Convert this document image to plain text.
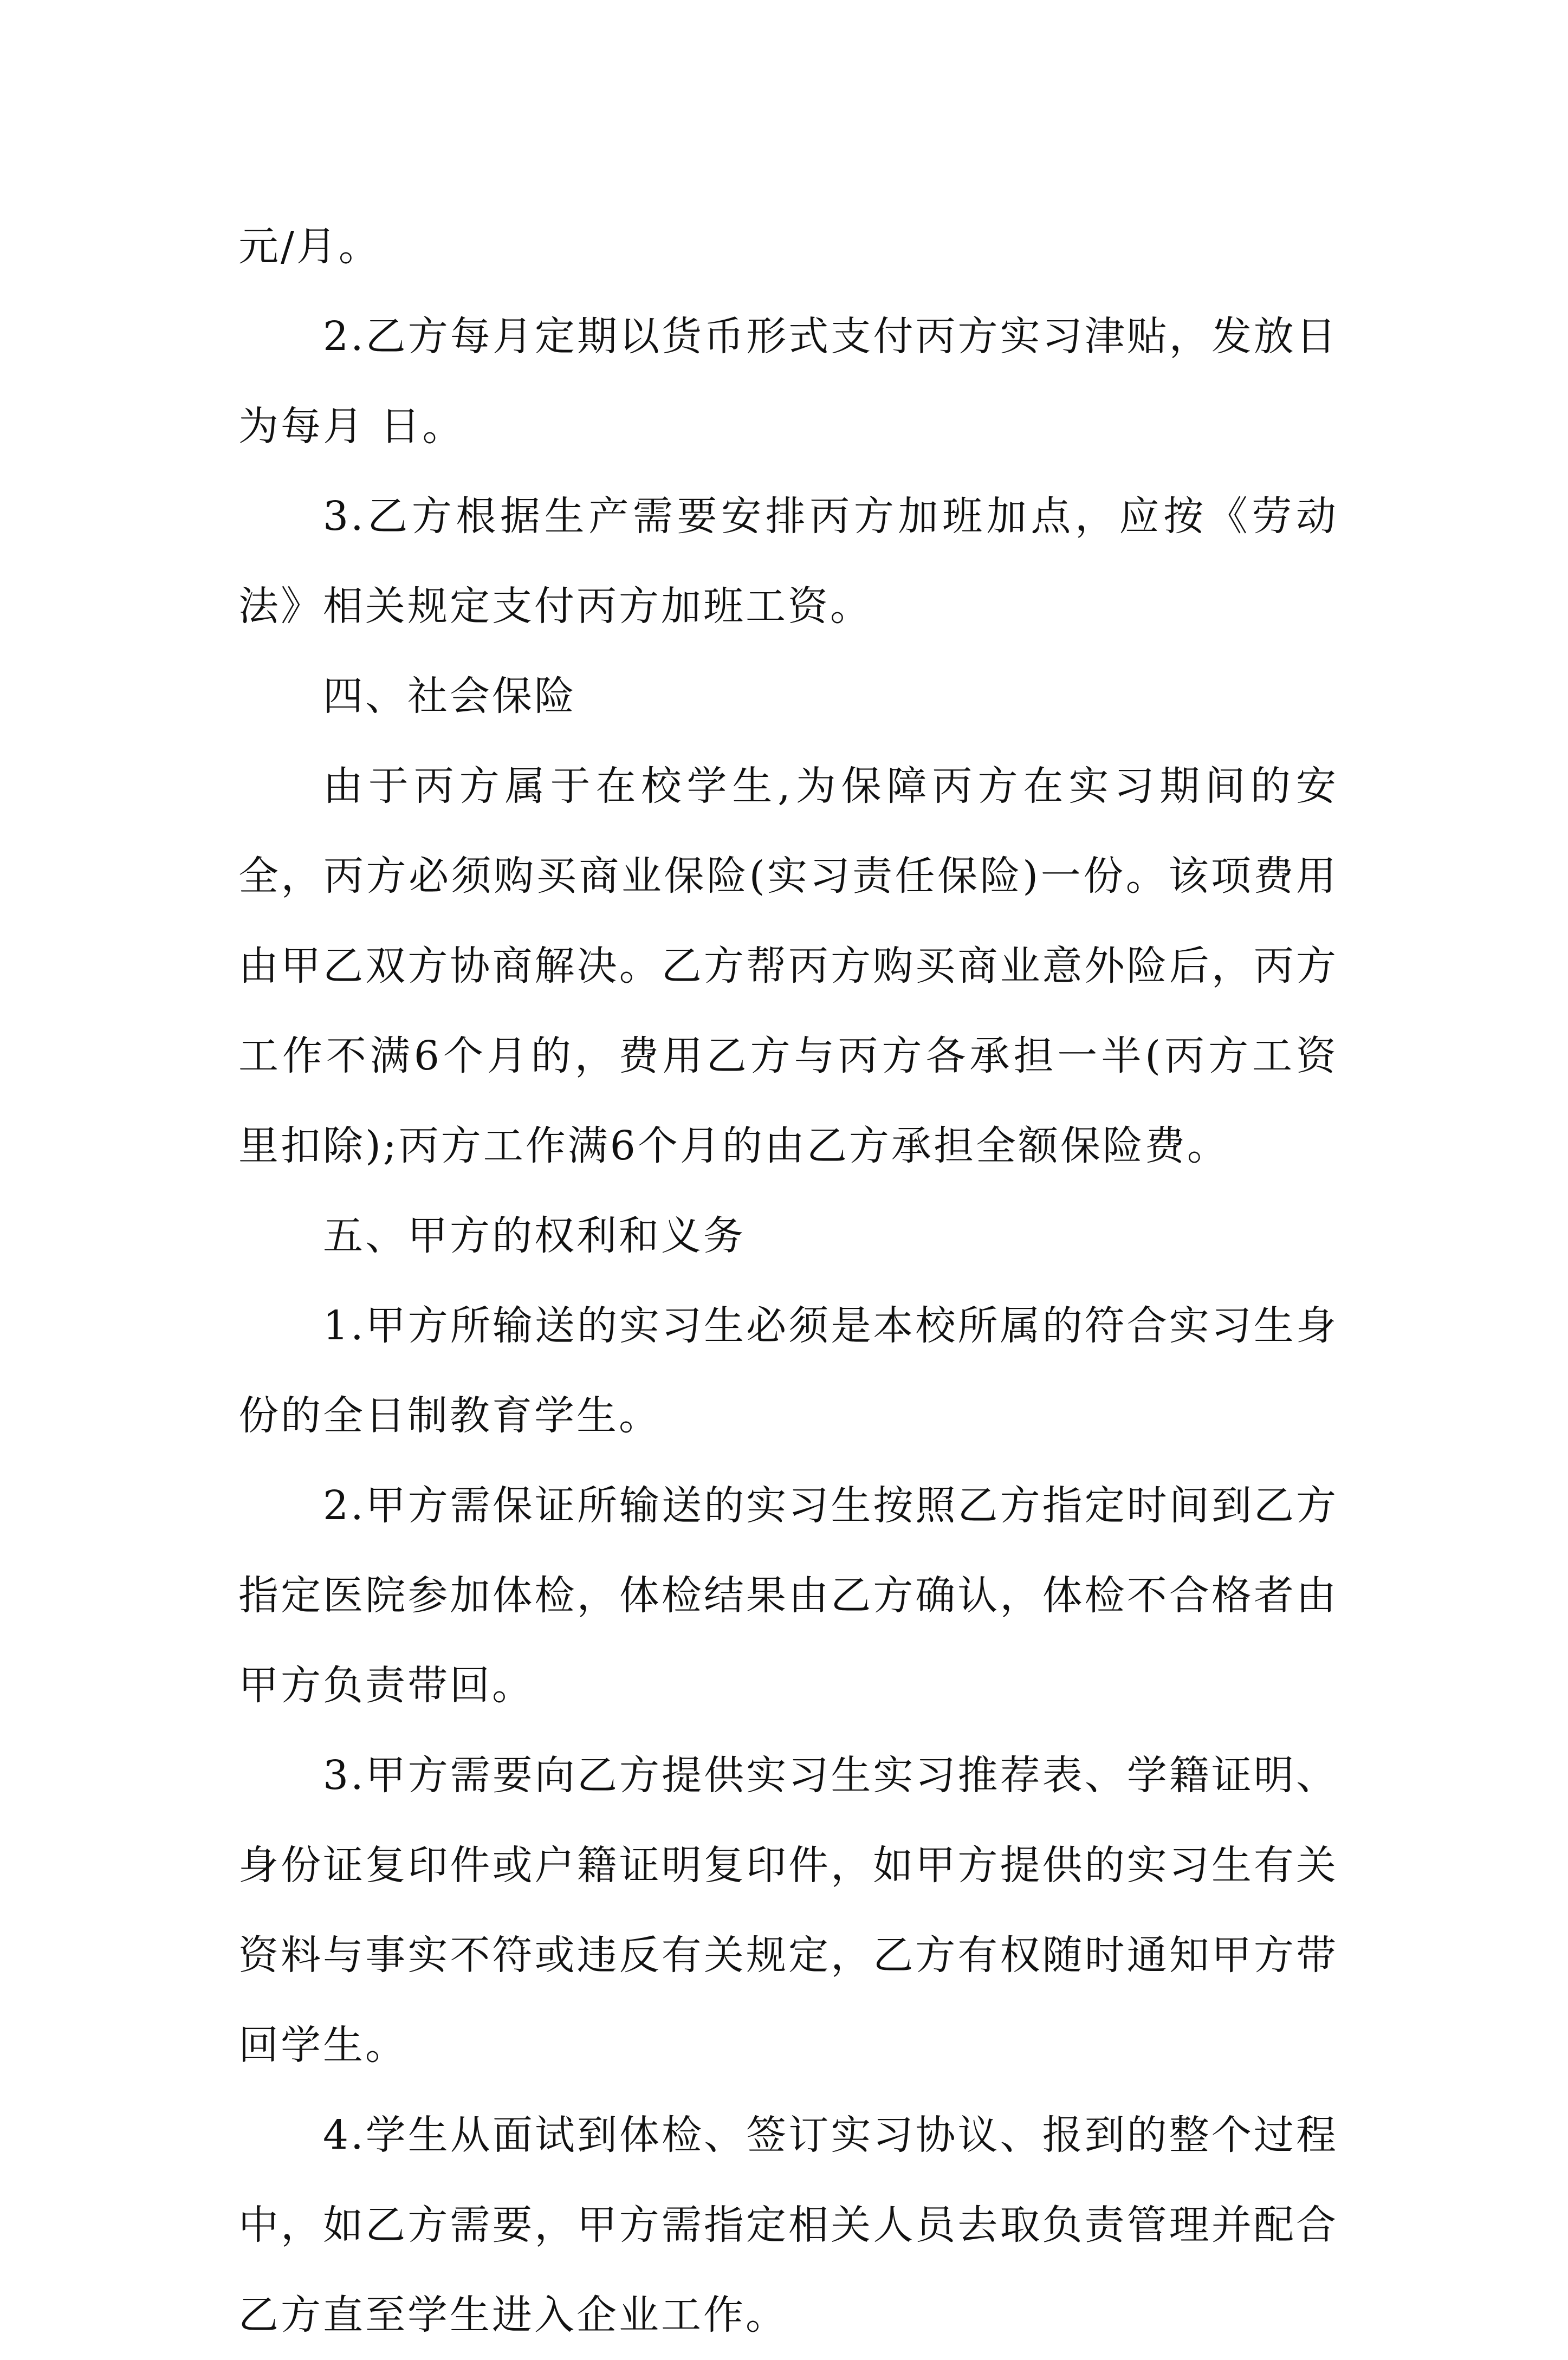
元/月。

2.乙方每月定期以货币形式支付丙方实习津贴，发放日为每月 日。

3.乙方根据生产需要安排丙方加班加点，应按《劳动法》相关规定支付丙方加班工资。

四、社会保险

由于丙方属于在校学生,为保障丙方在实习期间的安全，丙方必须购买商业保险(实习责任保险)一份。该项费用由甲乙双方协商解决。乙方帮丙方购买商业意外险后，丙方工作不满6个月的，费用乙方与丙方各承担一半(丙方工资里扣除);丙方工作满6个月的由乙方承担全额保险费。

五、甲方的权利和义务

1.甲方所输送的实习生必须是本校所属的符合实习生身份的全日制教育学生。

2.甲方需保证所输送的实习生按照乙方指定时间到乙方指定医院参加体检，体检结果由乙方确认，体检不合格者由甲方负责带回。

3.甲方需要向乙方提供实习生实习推荐表、学籍证明、身份证复印件或户籍证明复印件，如甲方提供的实习生有关资料与事实不符或违反有关规定，乙方有权随时通知甲方带回学生。

4.学生从面试到体检、签订实习协议、报到的整个过程中，如乙方需要，甲方需指定相关人员去取负责管理并配合乙方直至学生进入企业工作。
